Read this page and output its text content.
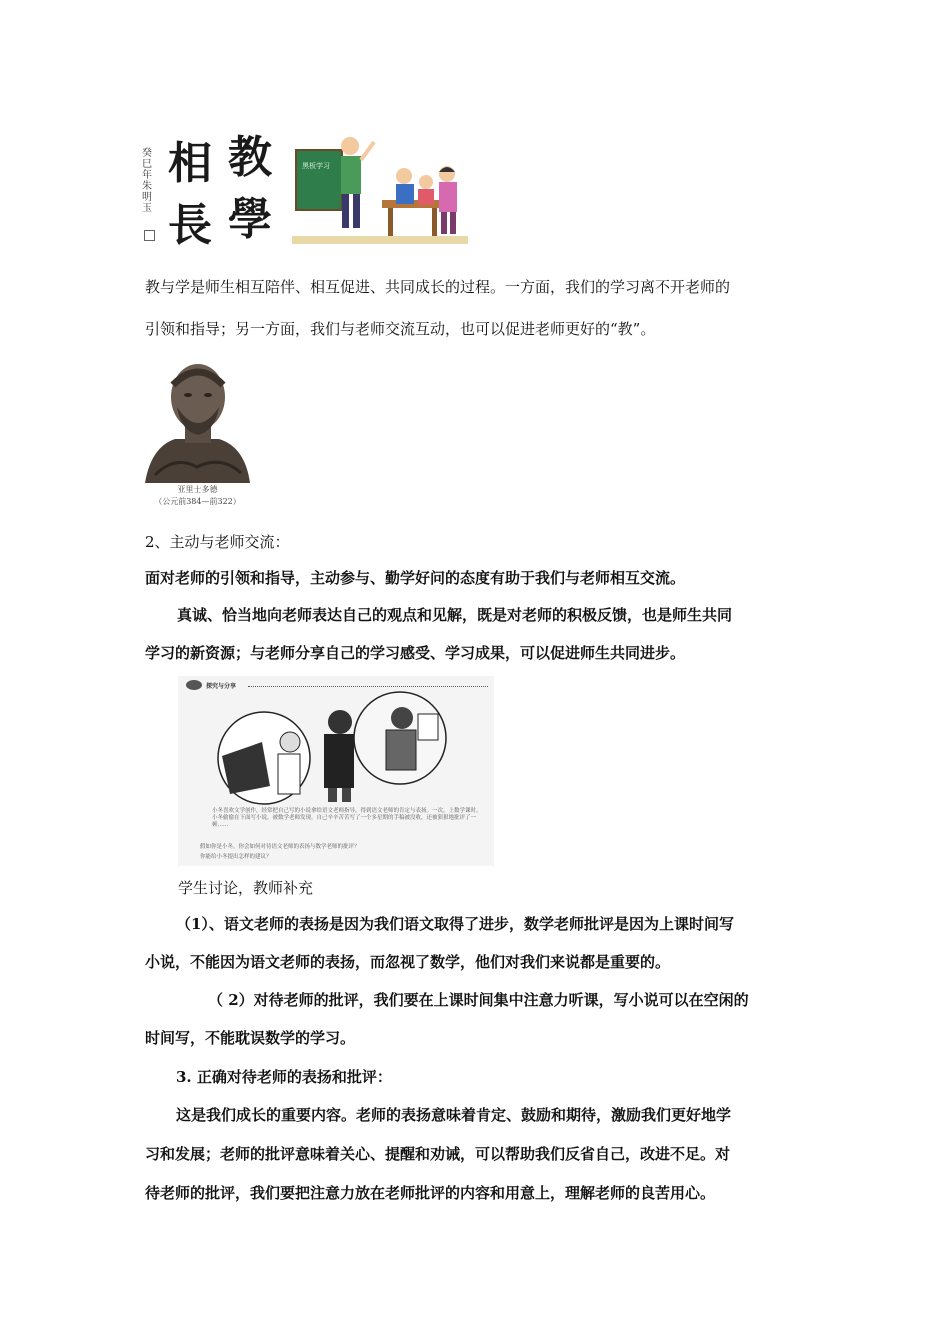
癸巳年 朱明玉
教
學
相
長
黑板学习
教与学是师生相互陪伴、相互促进、共同成长的过程。一方面，我们的学习离不开老师的
引领和指导；另一方面，我们与老师交流互动，也可以促进老师更好的“教”。
亚里士多德
（公元前384—前322）
2、主动与老师交流：
面对老师的引领和指导，主动参与、勤学好问的态度有助于我们与老师相互交流。
真诚、恰当地向老师表达自己的观点和见解，既是对老师的积极反馈，也是师生共同
学习的新资源；与老师分享自己的学习感受、学习成果，可以促进师生共同进步。
探究与分享
小冬喜欢文学创作，经常把自己写的小说拿给语文老师指导，得到语文老师的肯定与表扬。一次，上数学课时，小冬偷偷在下面写小说，被数学老师发现。自己辛辛苦苦写了一个多星期的手稿被没收，还被狠狠地批评了一顿……
假如你是小冬，你会如何对待语文老师的表扬与数学老师的批评？
你能给小冬提出怎样的建议？
学生讨论，教师补充
（1）、语文老师的表扬是因为我们语文取得了进步，数学老师批评是因为上课时间写
小说，不能因为语文老师的表扬，而忽视了数学，他们对我们来说都是重要的。
（ 2）对待老师的批评，我们要在上课时间集中注意力听课，写小说可以在空闲的
时间写，不能耽误数学的学习。
3. 正确对待老师的表扬和批评：
这是我们成长的重要内容。老师的表扬意味着肯定、鼓励和期待，激励我们更好地学
习和发展；老师的批评意味着关心、提醒和劝诫，可以帮助我们反省自己，改进不足。对
待老师的批评，我们要把注意力放在老师批评的内容和用意上，理解老师的良苦用心。
